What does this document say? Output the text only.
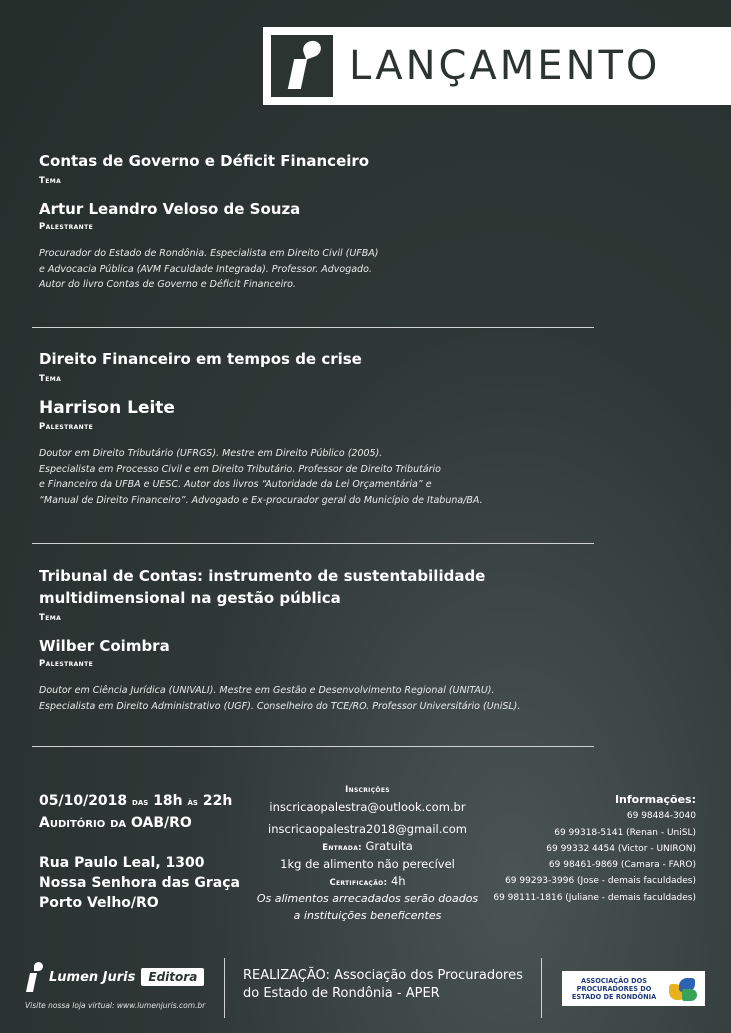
LANÇAMENTO
Contas de Governo e Déficit Financeiro
Tema
Artur Leandro Veloso de Souza
Palestrante
Procurador do Estado de Rondônia. Especialista em Direito Civil (UFBA)
e Advocacia Pública (AVM Faculdade Integrada). Professor. Advogado.
Autor do livro Contas de Governo e Déficit Financeiro.
Direito Financeiro em tempos de crise
Tema
Harrison Leite
Palestrante
Doutor em Direito Tributário (UFRGS). Mestre em Direito Público (2005).
Especialista em Processo Civil e em Direito Tributário. Professor de Direito Tributário
e Financeiro da UFBA e UESC. Autor dos livros “Autoridade da Lei Orçamentária” e
“Manual de Direito Financeiro”. Advogado e Ex-procurador geral do Município de Itabuna/BA.
Tribunal de Contas: instrumento de sustentabilidade
multidimensional na gestão pública
Tema
Wilber Coimbra
Palestrante
Doutor em Ciência Jurídica (UNIVALI). Mestre em Gestão e Desenvolvimento Regional (UNITAU).
Especialista em Direito Administrativo (UGF). Conselheiro do TCE/RO. Professor Universitário (UniSL).
05/10/2018 das 18h às 22h
Auditório da OAB/RO
Rua Paulo Leal, 1300
Nossa Senhora das Graça
Porto Velho/RO
Inscrições
inscricaopalestra@outlook.com.br
inscricaopalestra2018@gmail.com
Entrada: Gratuita
1kg de alimento não perecível
Certificação: 4h
Os alimentos arrecadados serão doados
a instituições beneficentes
Informações:
69 98484-3040
69 99318-5141 (Renan - UniSL)
69 99332 4454 (Victor - UNIRON)
69 98461-9869 (Camara - FARO)
69 99293-3996 (Jose - demais faculdades)
69 98111-1816 (Juliane - demais faculdades)
Lumen Juris	Editora
Visite nossa loja virtual: www.lumenjuris.com.br
REALIZAÇÃO: Associação dos Procuradores
do Estado de Rondônia - APER
ASSOCIAÇÃO DOS
PROCURADORES DO
ESTADO DE RONDÔNIA
